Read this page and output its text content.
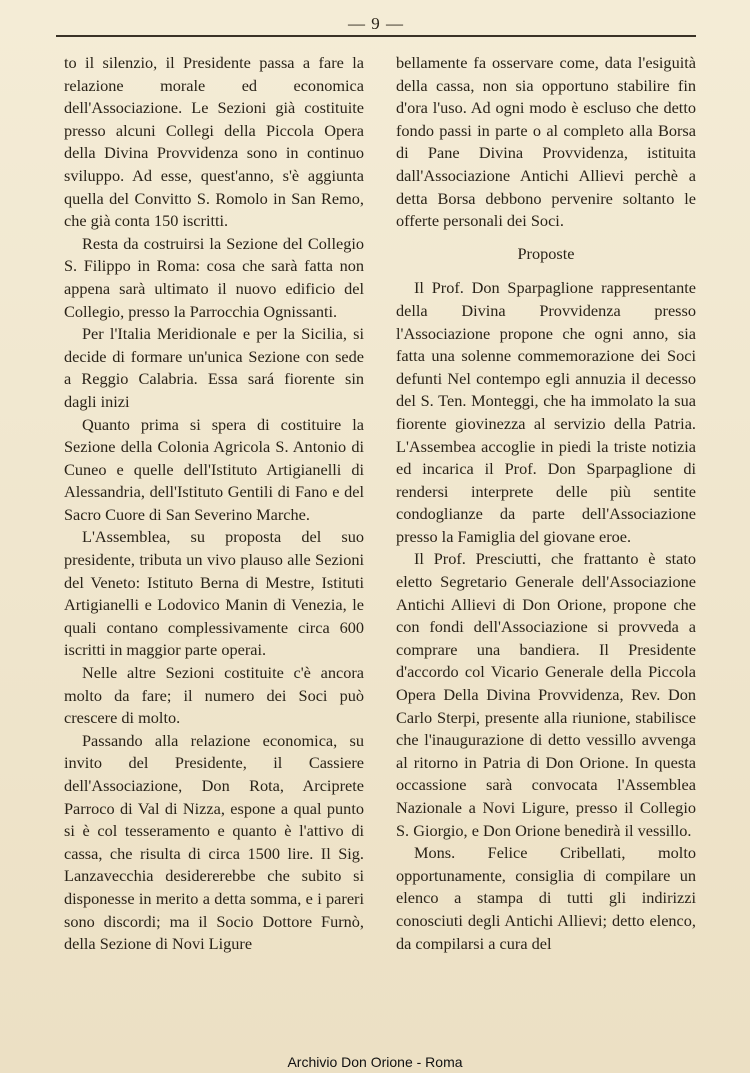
— 9 —

to il silenzio, il Presidente passa a fare la relazione morale ed economica dell'Associazione. Le Sezioni già costituite presso alcuni Collegi della Piccola Opera della Divina Provvidenza sono in continuo sviluppo. Ad esse, quest'anno, s'è aggiunta quella del Convitto S. Romolo in San Remo, che già conta 150 iscritti.

Resta da costruirsi la Sezione del Collegio S. Filippo in Roma: cosa che sarà fatta non appena sarà ultimato il nuovo edificio del Collegio, presso la Parrocchia Ognissanti.

Per l'Italia Meridionale e per la Sicilia, si decide di formare un'unica Sezione con sede a Reggio Calabria. Essa sará fiorente sin dagli inizi

Quanto prima si spera di costituire la Sezione della Colonia Agricola S. Antonio di Cuneo e quelle dell'Istituto Artigianelli di Alessandria, dell'Istituto Gentili di Fano e del Sacro Cuore di San Severino Marche.

L'Assemblea, su proposta del suo presidente, tributa un vivo plauso alle Sezioni del Veneto: Istituto Berna di Mestre, Istituti Artigianelli e Lodovico Manin di Venezia, le quali contano complessivamente circa 600 iscritti in maggior parte operai.

Nelle altre Sezioni costituite c'è ancora molto da fare; il numero dei Soci può crescere di molto.

Passando alla relazione economica, su invito del Presidente, il Cassiere dell'Associazione, Don Rota, Arciprete Parroco di Val di Nizza, espone a qual punto si è col tesseramento e quanto è l'attivo di cassa, che risulta di circa 1500 lire. Il Sig. Lanzavecchia desidererebbe che subito si disponesse in merito a detta somma, e i pareri sono discordi; ma il Socio Dottore Furnò, della Sezione di Novi Ligure

bellamente fa osservare come, data l'esiguità della cassa, non sia opportuno stabilire fin d'ora l'uso. Ad ogni modo è escluso che detto fondo passi in parte o al completo alla Borsa di Pane Divina Provvidenza, istituita dall'Associazione Antichi Allievi perchè a detta Borsa debbono pervenire soltanto le offerte personali dei Soci.

Proposte

Il Prof. Don Sparpaglione rappresentante della Divina Provvidenza presso l'Associazione propone che ogni anno, sia fatta una solenne commemorazione dei Soci defunti Nel contempo egli annuzia il decesso del S. Ten. Monteggi, che ha immolato la sua fiorente giovinezza al servizio della Patria. L'Assembea accoglie in piedi la triste notizia ed incarica il Prof. Don Sparpaglione di rendersi interprete delle più sentite condoglianze da parte dell'Associazione presso la Famiglia del giovane eroe.

Il Prof. Presciutti, che frattanto è stato eletto Segretario Generale dell'Associazione Antichi Allievi di Don Orione, propone che con fondi dell'Associazione si provveda a comprare una bandiera. Il Presidente d'accordo col Vicario Generale della Piccola Opera Della Divina Provvidenza, Rev. Don Carlo Sterpi, presente alla riunione, stabilisce che l'inaugurazione di detto vessillo avvenga al ritorno in Patria di Don Orione. In questa occassione sarà convocata l'Assemblea Nazionale a Novi Ligure, presso il Collegio S. Giorgio, e Don Orione benedirà il vessillo.

Mons. Felice Cribellati, molto opportunamente, consiglia di compilare un elenco a stampa di tutti gli indirizzi conosciuti degli Antichi Allievi; detto elenco, da compilarsi a cura del

Archivio Don Orione - Roma
